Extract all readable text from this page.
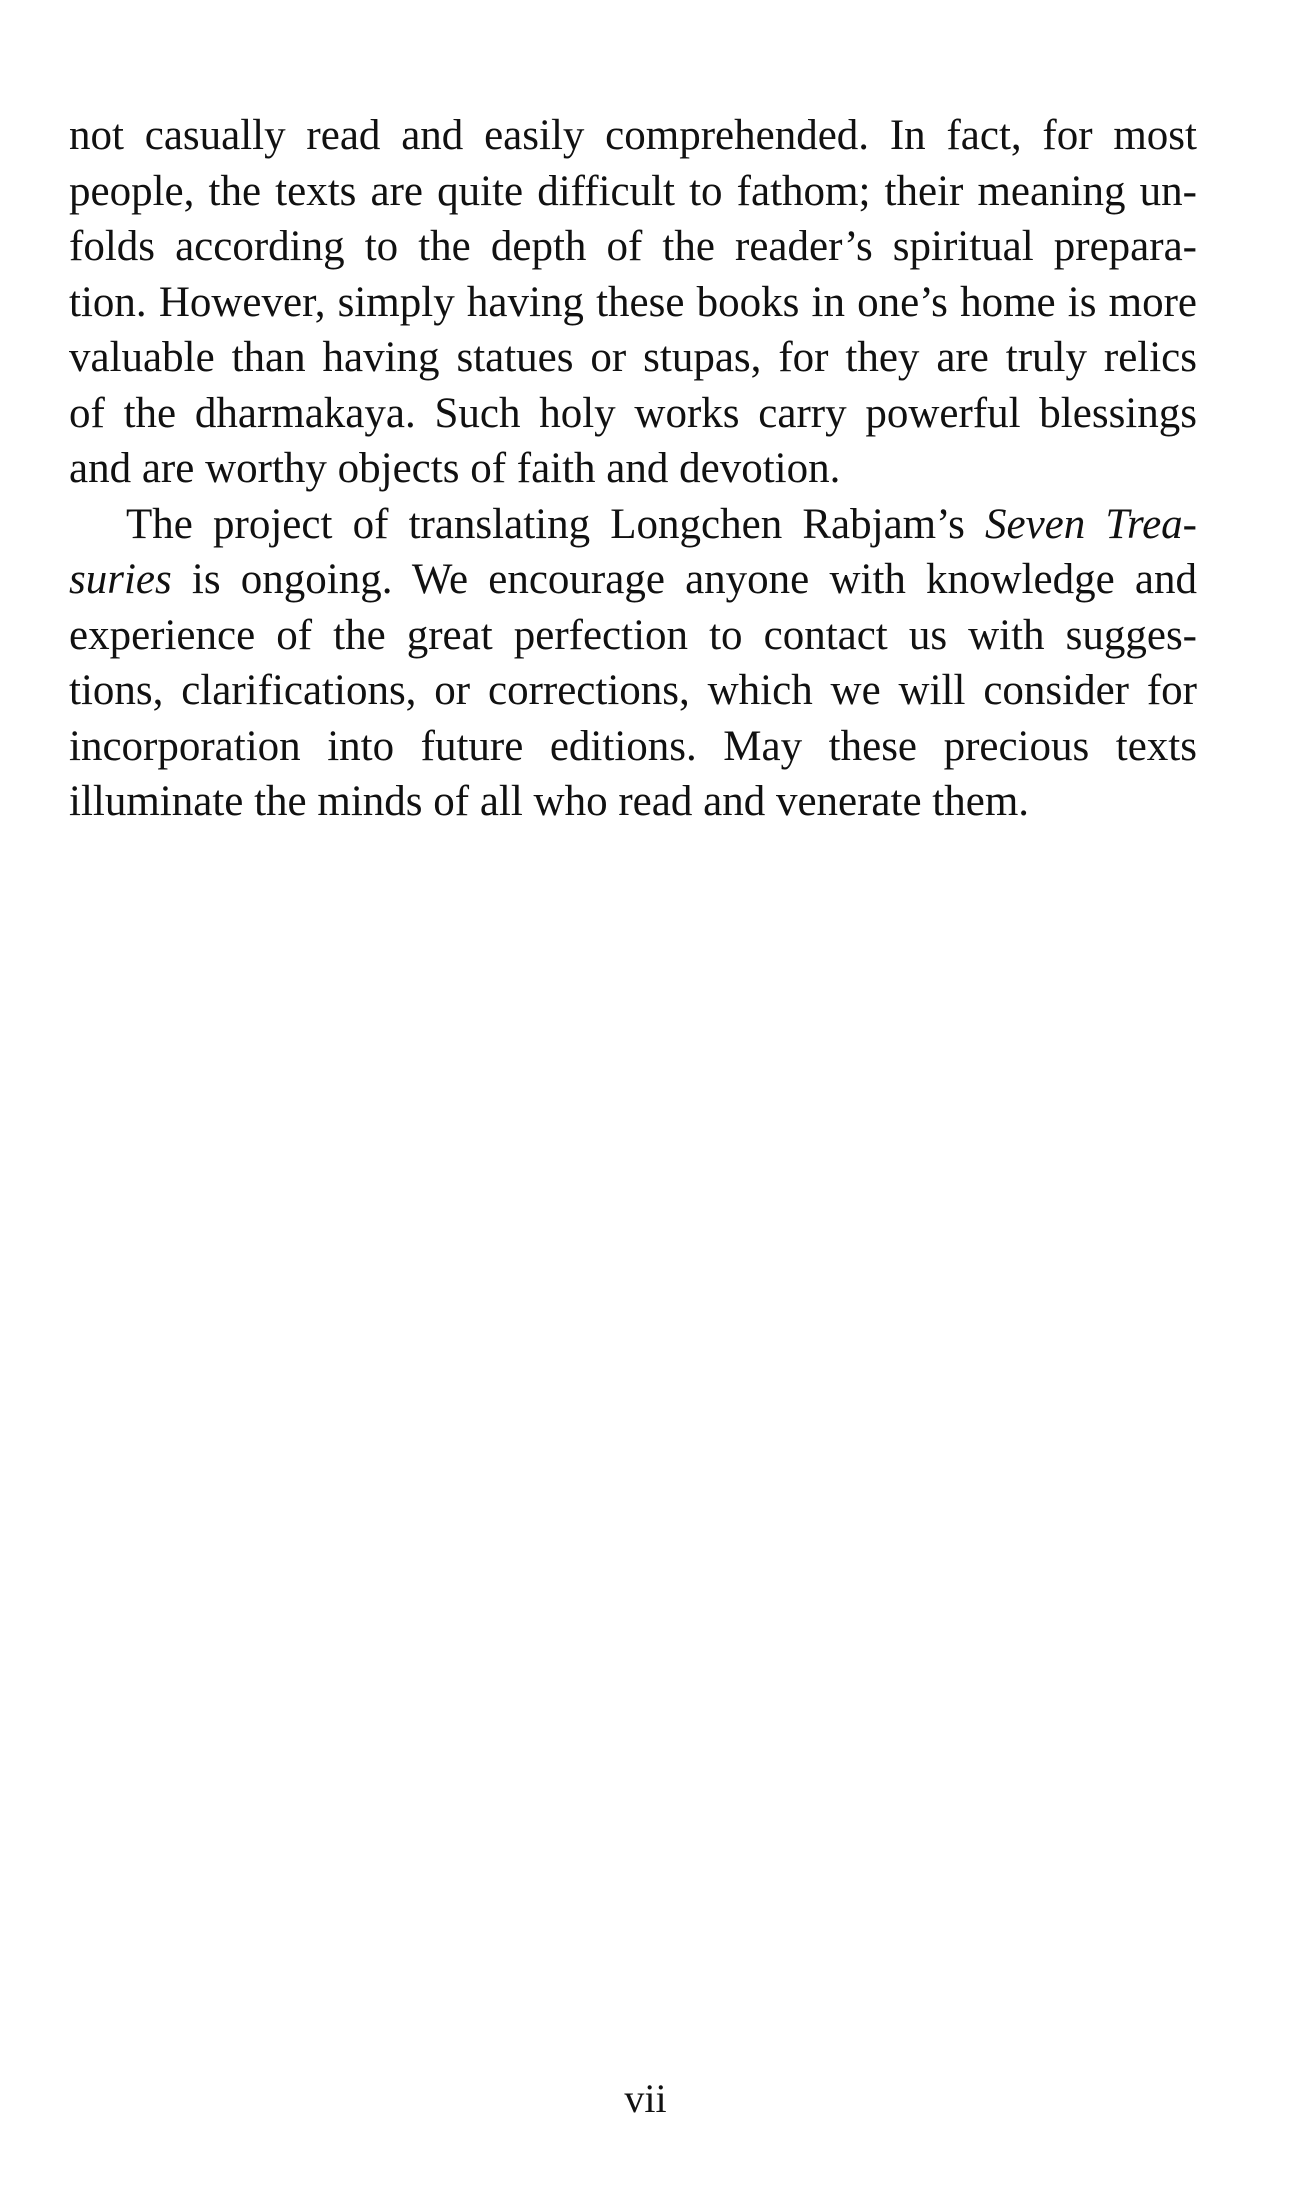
not casually read and easily comprehended. In fact, for most
people, the texts are quite difficult to fathom; their meaning un-
folds according to the depth of the reader’s spiritual prepara-
tion. However, simply having these books in one’s home is more
valuable than having statues or stupas, for they are truly relics
of the dharmakaya. Such holy works carry powerful blessings
and are worthy objects of faith and devotion.
The project of translating Longchen Rabjam’s Seven Trea-
suries is ongoing. We encourage anyone with knowledge and
experience of the great perfection to contact us with sugges-
tions, clarifications, or corrections, which we will consider for
incorporation into future editions. May these precious texts
illuminate the minds of all who read and venerate them.
vii
